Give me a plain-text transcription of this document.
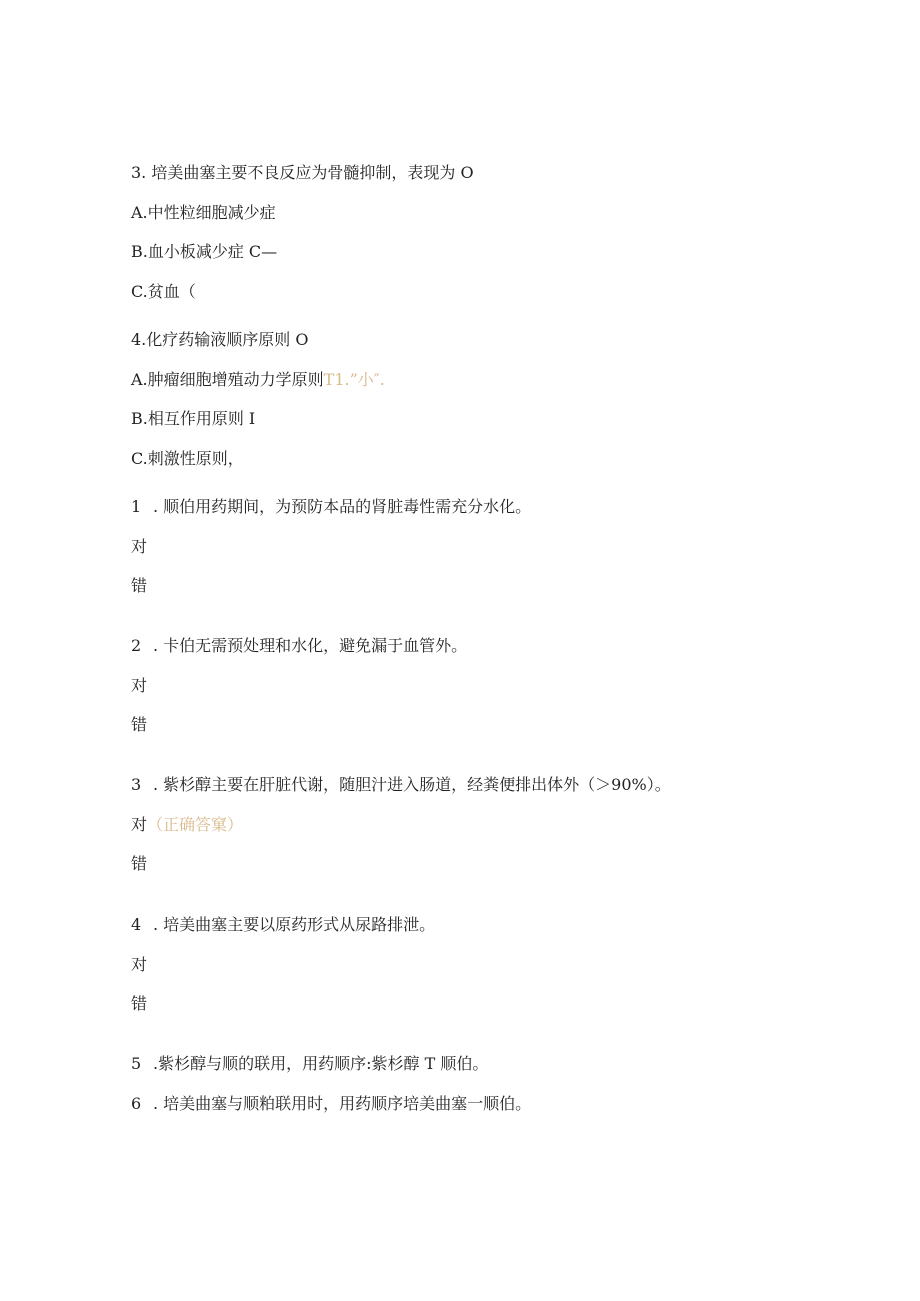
3. 培美曲塞主要不良反应为骨髓抑制，表现为 O
A.中性粒细胞减少症
B.血小板减少症 C—
C.贫血（
4.化疗药输液顺序原则 O
A.肿瘤细胞增殖动力学原则T1.”小″.
B.相互作用原则 I
C.刺激性原则，
1 . 顺伯用药期间，为预防本品的肾脏毒性需充分水化。
对
错
2 . 卡伯无需预处理和水化，避免漏于血管外。
对
错
3 . 紫杉醇主要在肝脏代谢，随胆汁进入肠道，经粪便排出体外（＞90%）。
对（正确答窠）
错
4 . 培美曲塞主要以原药形式从尿路排泄。
对
错
5 .紫杉醇与顺的联用，用药顺序:紫杉醇 T 顺伯。
6 . 培美曲塞与顺粕联用时，用药顺序培美曲塞一顺伯。
